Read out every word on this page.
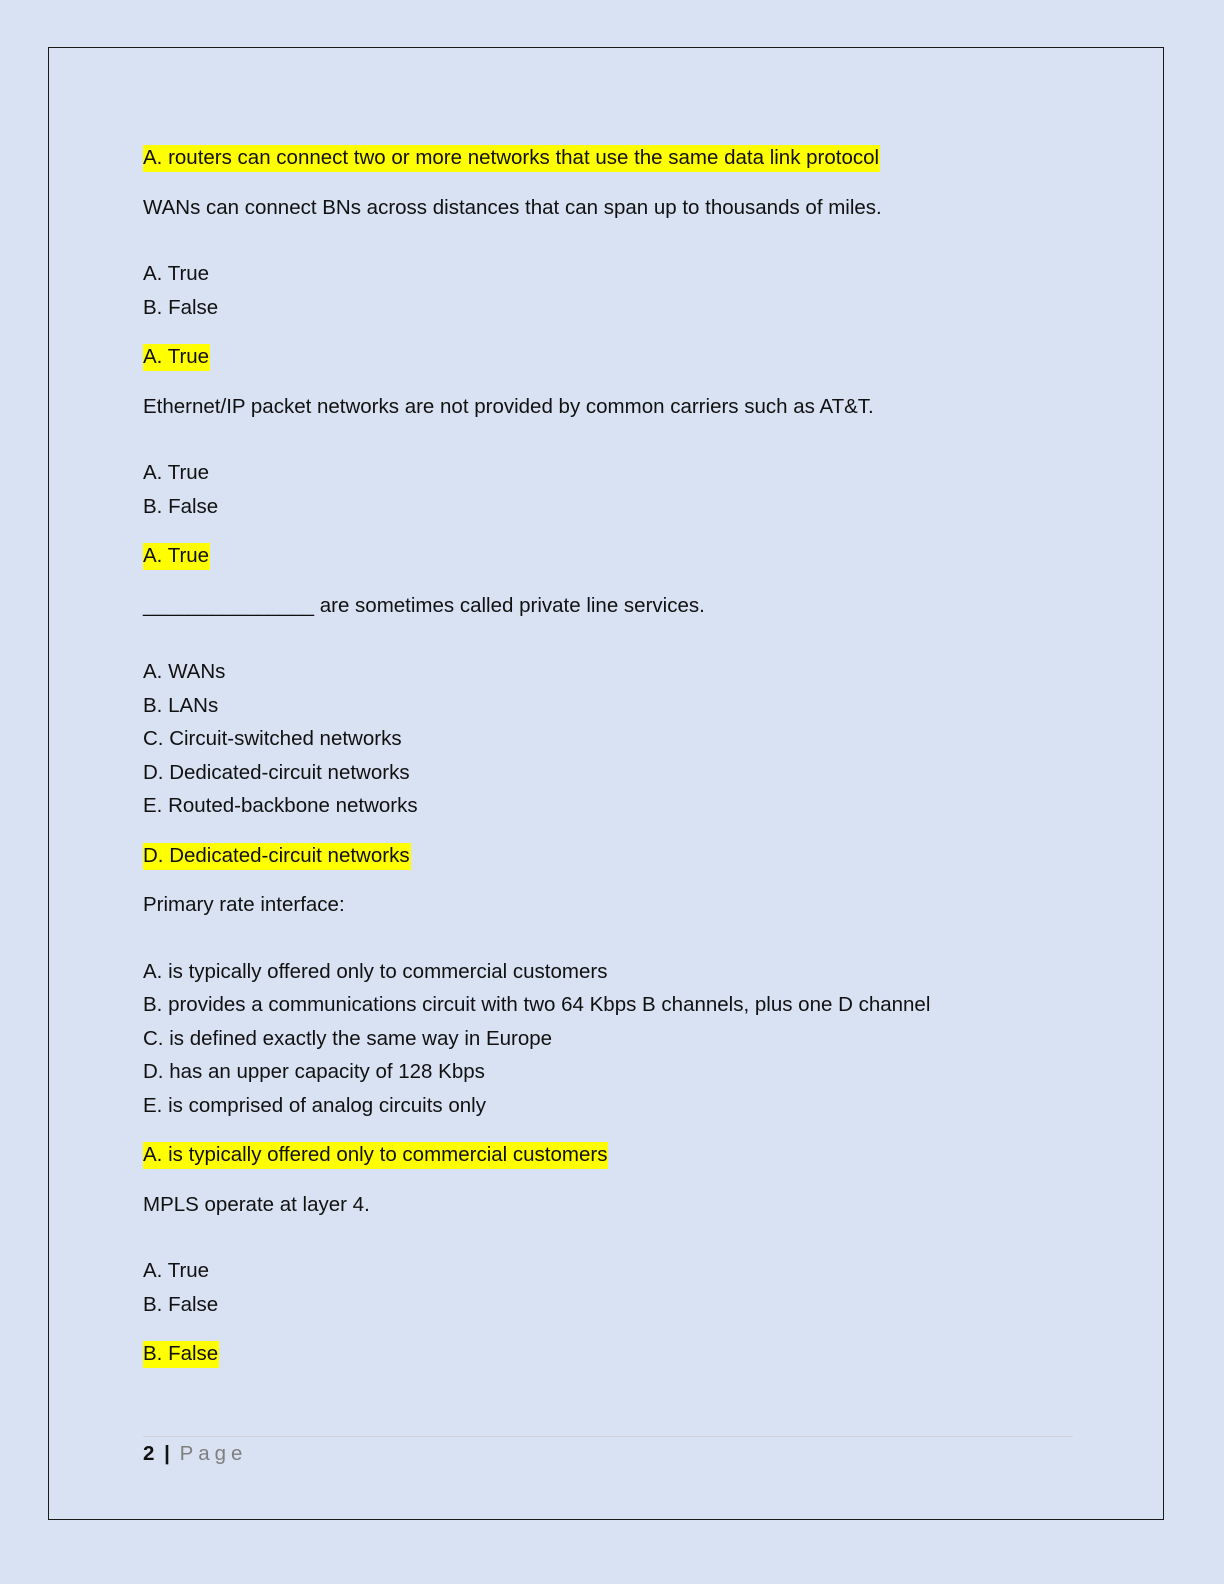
A. routers can connect two or more networks that use the same data link protocol
WANs can connect BNs across distances that can span up to thousands of miles.
A. True
B. False
A. True
Ethernet/IP packet networks are not provided by common carriers such as AT&T.
A. True
B. False
A. True
_______________ are sometimes called private line services.
A. WANs
B. LANs
C. Circuit-switched networks
D. Dedicated-circuit networks
E. Routed-backbone networks
D. Dedicated-circuit networks
Primary rate interface:
A. is typically offered only to commercial customers
B. provides a communications circuit with two 64 Kbps B channels, plus one D channel
C. is defined exactly the same way in Europe
D. has an upper capacity of 128 Kbps
E. is comprised of analog circuits only
A. is typically offered only to commercial customers
MPLS operate at layer 4.
A. True
B. False
B. False
2 | Page
